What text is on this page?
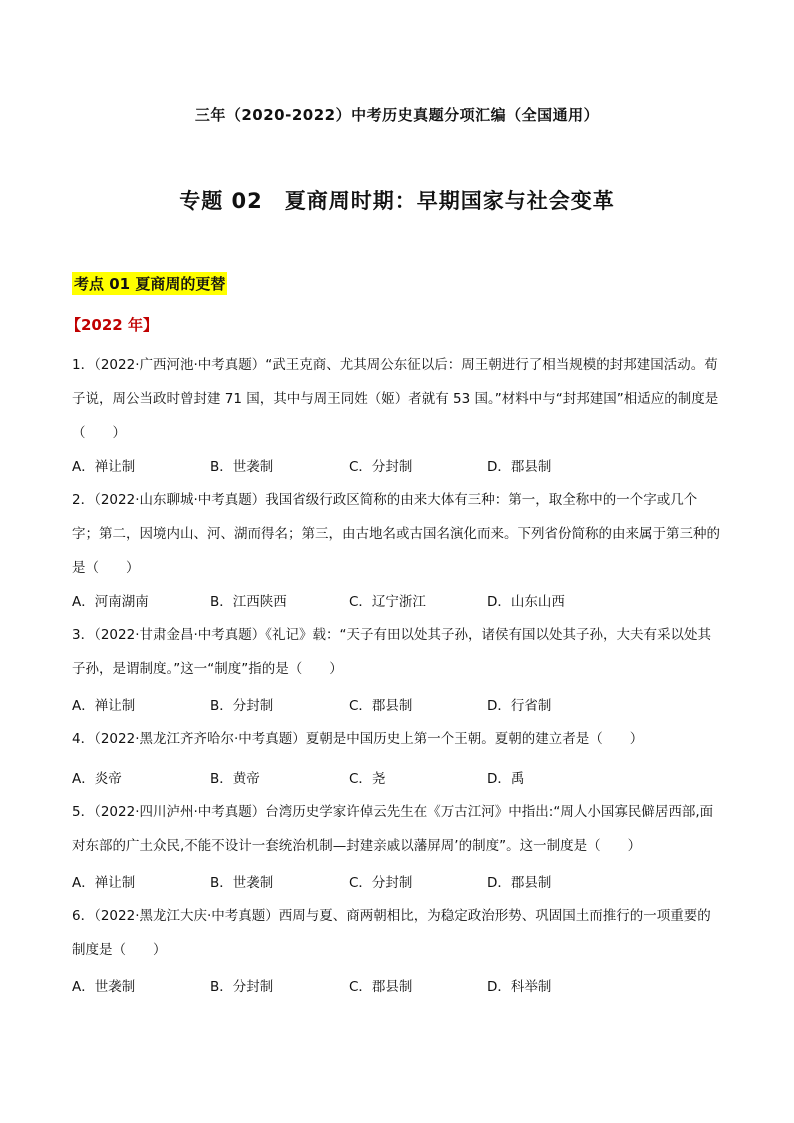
三年（2020-2022）中考历史真题分项汇编（全国通用）
专题 02　夏商周时期：早期国家与社会变革
考点 01 夏商周的更替
【2022 年】
1．（2022·广西河池·中考真题）“武王克商、尤其周公东征以后：周王朝进行了相当规模的封邦建国活动。荀子说，周公当政时曾封建 71 国，其中与周王同姓（姬）者就有 53 国。”材料中与“封邦建国”相适应的制度是（　　）
A．禅让制	B．世袭制	C．分封制	D．郡县制
2．（2022·山东聊城·中考真题）我国省级行政区简称的由来大体有三种：第一，取全称中的一个字或几个字；第二，因境内山、河、湖而得名；第三，由古地名或古国名演化而来。下列省份简称的由来属于第三种的是（　　）
A．河南湖南	B．江西陕西	C．辽宁浙江	D．山东山西
3．（2022·甘肃金昌·中考真题）《礼记》载：“天子有田以处其子孙，诸侯有国以处其子孙，大夫有采以处其子孙，是谓制度。”这一“制度”指的是（　　）
A．禅让制	B．分封制	C．郡县制	D．行省制
4．（2022·黑龙江齐齐哈尔·中考真题）夏朝是中国历史上第一个王朝。夏朝的建立者是（　　）
A．炎帝	B．黄帝	C．尧	D．禹
5．（2022·四川泸州·中考真题）台湾历史学家许倬云先生在《万古江河》中指出:“周人小国寡民僻居西部,面对东部的广土众民,不能不设计一套统治机制—封建亲戚以藩屏周’的制度”。这一制度是（　　）
A．禅让制	B．世袭制	C．分封制	D．郡县制
6．（2022·黑龙江大庆·中考真题）西周与夏、商两朝相比，为稳定政治形势、巩固国土而推行的一项重要的制度是（　　）
A．世袭制	B．分封制	C．郡县制	D．科举制
